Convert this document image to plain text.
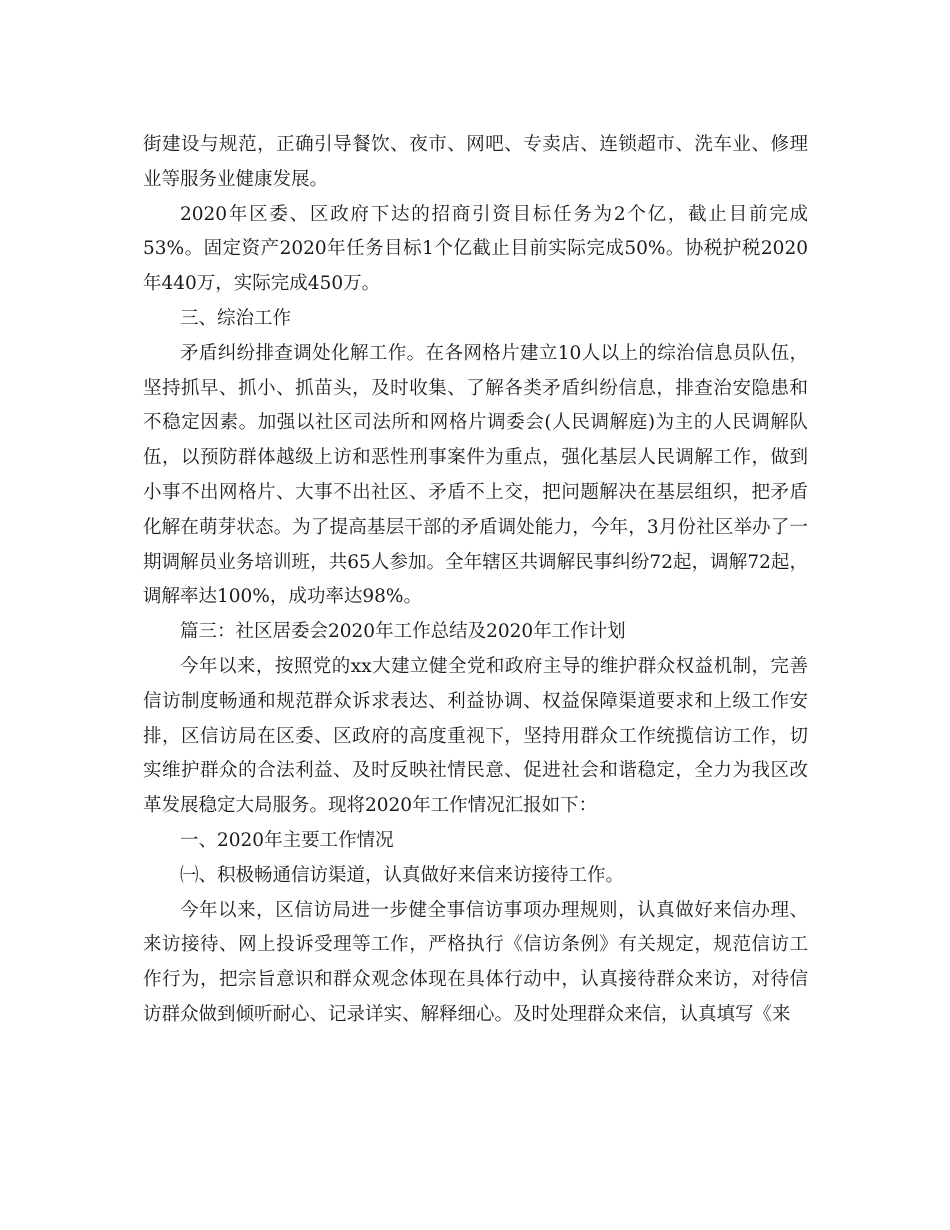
街建设与规范，正确引导餐饮、夜市、网吧、专卖店、连锁超市、洗车业、修理业等服务业健康发展。

2020年区委、区政府下达的招商引资目标任务为2个亿，截止目前完成53%。固定资产2020年任务目标1个亿截止目前实际完成50%。协税护税2020年440万，实际完成450万。

三、综治工作

矛盾纠纷排查调处化解工作。在各网格片建立10人以上的综治信息员队伍，坚持抓早、抓小、抓苗头，及时收集、了解各类矛盾纠纷信息，排查治安隐患和不稳定因素。加强以社区司法所和网格片调委会(人民调解庭)为主的人民调解队伍，以预防群体越级上访和恶性刑事案件为重点，强化基层人民调解工作，做到小事不出网格片、大事不出社区、矛盾不上交，把问题解决在基层组织，把矛盾化解在萌芽状态。为了提高基层干部的矛盾调处能力，今年，3月份社区举办了一期调解员业务培训班，共65人参加。全年辖区共调解民事纠纷72起，调解72起，调解率达100%，成功率达98%。

篇三：社区居委会2020年工作总结及2020年工作计划

今年以来，按照党的xx大建立健全党和政府主导的维护群众权益机制，完善信访制度畅通和规范群众诉求表达、利益协调、权益保障渠道要求和上级工作安排，区信访局在区委、区政府的高度重视下，坚持用群众工作统揽信访工作，切实维护群众的合法利益、及时反映社情民意、促进社会和谐稳定，全力为我区改革发展稳定大局服务。现将2020年工作情况汇报如下：

一、2020年主要工作情况

㈠、积极畅通信访渠道，认真做好来信来访接待工作。

今年以来，区信访局进一步健全事信访事项办理规则，认真做好来信办理、来访接待、网上投诉受理等工作，严格执行《信访条例》有关规定，规范信访工作行为，把宗旨意识和群众观念体现在具体行动中，认真接待群众来访，对待信访群众做到倾听耐心、记录详实、解释细心。及时处理群众来信，认真填写《来
